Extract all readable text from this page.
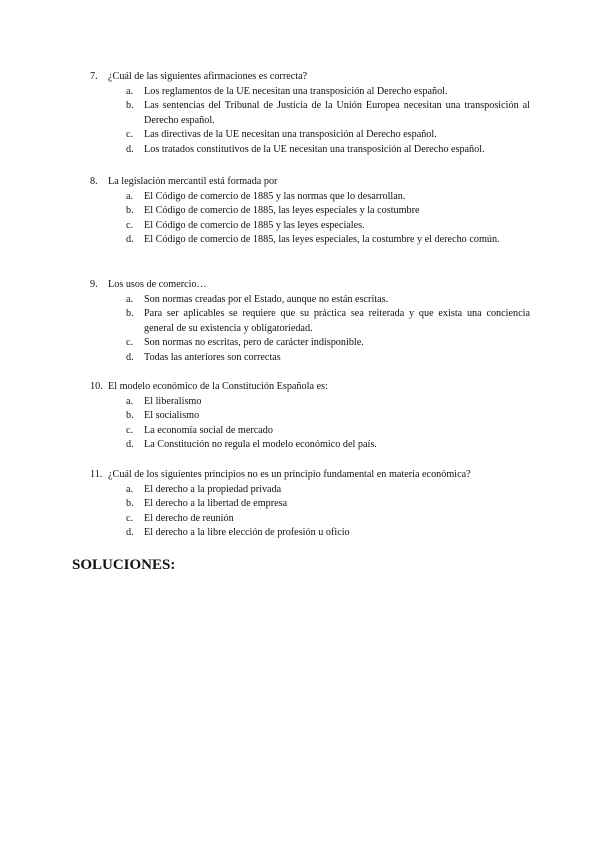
7.	¿Cuál de las siguientes afirmaciones es correcta?
a.	Los reglamentos de la UE necesitan una transposición al Derecho español.
b.	Las sentencias del Tribunal de Justicia de la Unión Europea necesitan una transposición al Derecho español.
c.	Las directivas de la UE necesitan una transposición al Derecho español.
d.	Los tratados constitutivos de la UE necesitan una transposición al Derecho español.
8.	La legislación mercantil está formada por
a.	El Código de comercio de 1885 y las normas que lo desarrollan.
b.	El Código de comercio de 1885, las leyes especiales y la costumbre
c.	El Código de comercio de 1885 y las leyes especiales.
d.	El Código de comercio de 1885, las leyes especiales, la costumbre y el derecho común.
9.	Los usos de comercio…
a.	Son normas creadas por el Estado, aunque no están escritas.
b.	Para ser aplicables se requiere que su práctica sea reiterada y que exista una conciencia general de su existencia y obligatoriedad.
c.	Son normas no escritas, pero de carácter indisponible.
d.	Todas las anteriores son correctas
10. El modelo económico de la Constitución Española es:
a.	El liberalismo
b.	El socialismo
c.	La economía social de mercado
d.	La Constitución no regula el modelo económico del país.
11. ¿Cuál de los siguientes principios no es un principio fundamental en materia económica?
a.	El derecho a la propiedad privada
b.	El derecho a la libertad de empresa
c.	El derecho de reunión
d.	El derecho a la libre elección de profesión u oficio
SOLUCIONES:
